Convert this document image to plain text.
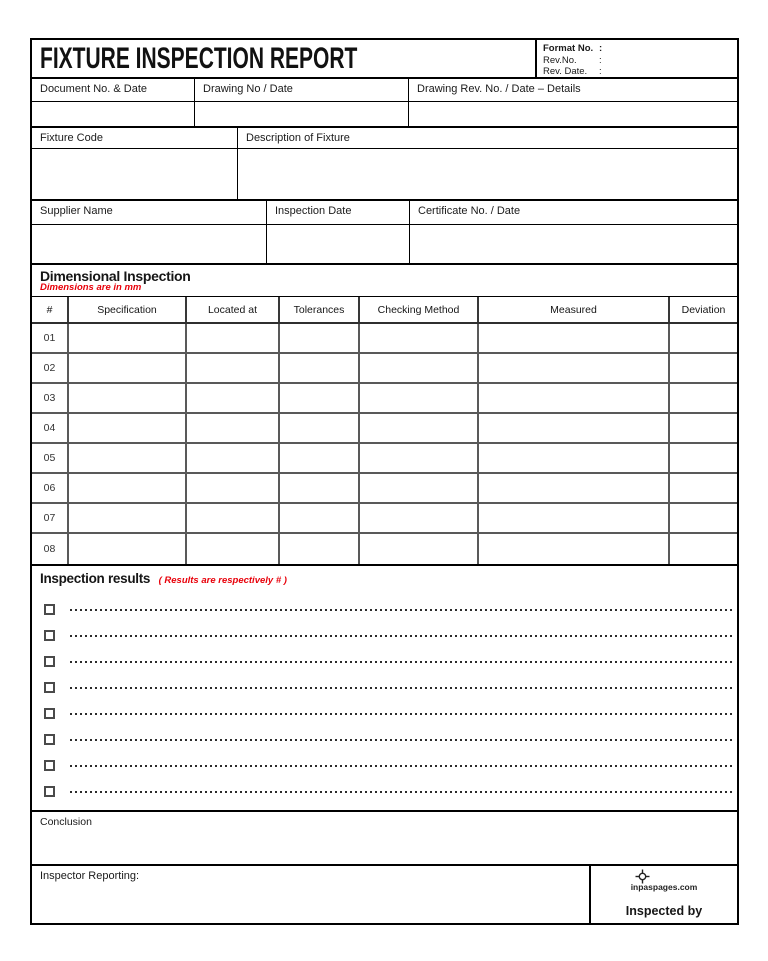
FIXTURE INSPECTION REPORT	Format No. :
Rev.No.	:
Rev. Date.	:
Document No. & Date	Drawing No / Date	Drawing Rev. No. / Date – Details
Fixture Code	Description of Fixture
Supplier Name	Inspection Date	Certificate No. / Date
Dimensional Inspection
Dimensions are in mm
#	Specification	Located at	Tolerances	Checking Method	Measured	Deviation
01
02
03
04
05
06
07
08
Inspection results ( Results are respectively # )
Conclusion
Inspector Reporting:
inpaspages.com
Inspected by
